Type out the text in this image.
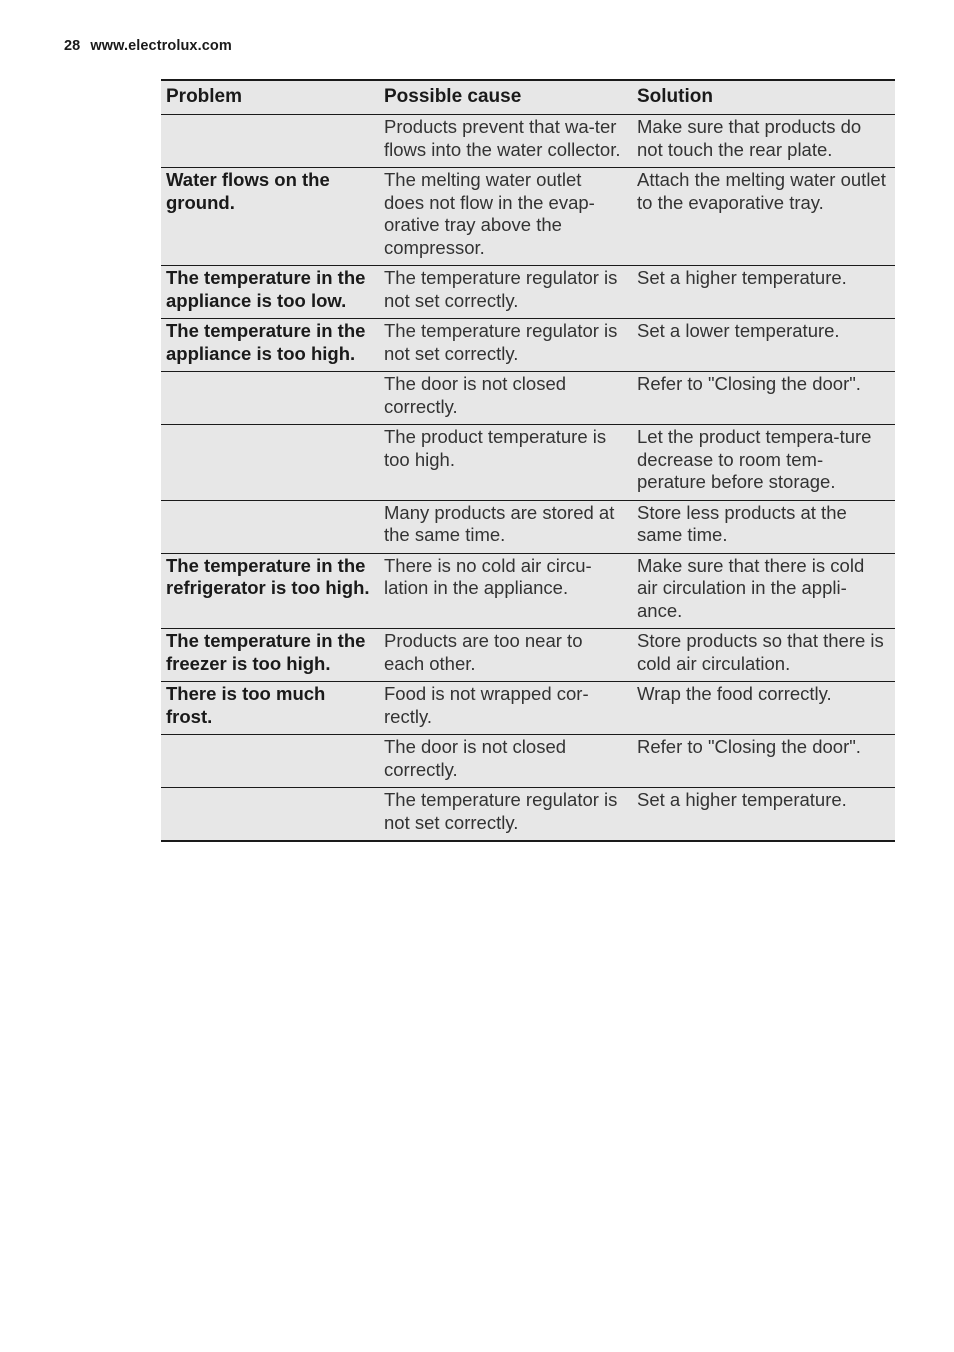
28 www.electrolux.com
Problem	Possible cause	Solution
	Products prevent that wa-ter flows into the water collector.	Make sure that products do not touch the rear plate.
Water flows on the ground.	The melting water outlet does not flow in the evap-orative tray above the compressor.	Attach the melting water outlet to the evaporative tray.
The temperature in the appliance is too low.	The temperature regulator is not set correctly.	Set a higher temperature.
The temperature in the appliance is too high.	The temperature regulator is not set correctly.	Set a lower temperature.
	The door is not closed correctly.	Refer to "Closing the door".
	The product temperature is too high.	Let the product tempera-ture decrease to room tem-perature before storage.
	Many products are stored at the same time.	Store less products at the same time.
The temperature in the refrigerator is too high.	There is no cold air circu-lation in the appliance.	Make sure that there is cold air circulation in the appli-ance.
The temperature in the freezer is too high.	Products are too near to each other.	Store products so that there is cold air circulation.
There is too much frost.	Food is not wrapped cor-rectly.	Wrap the food correctly.
	The door is not closed correctly.	Refer to "Closing the door".
	The temperature regulator is not set correctly.	Set a higher temperature.
